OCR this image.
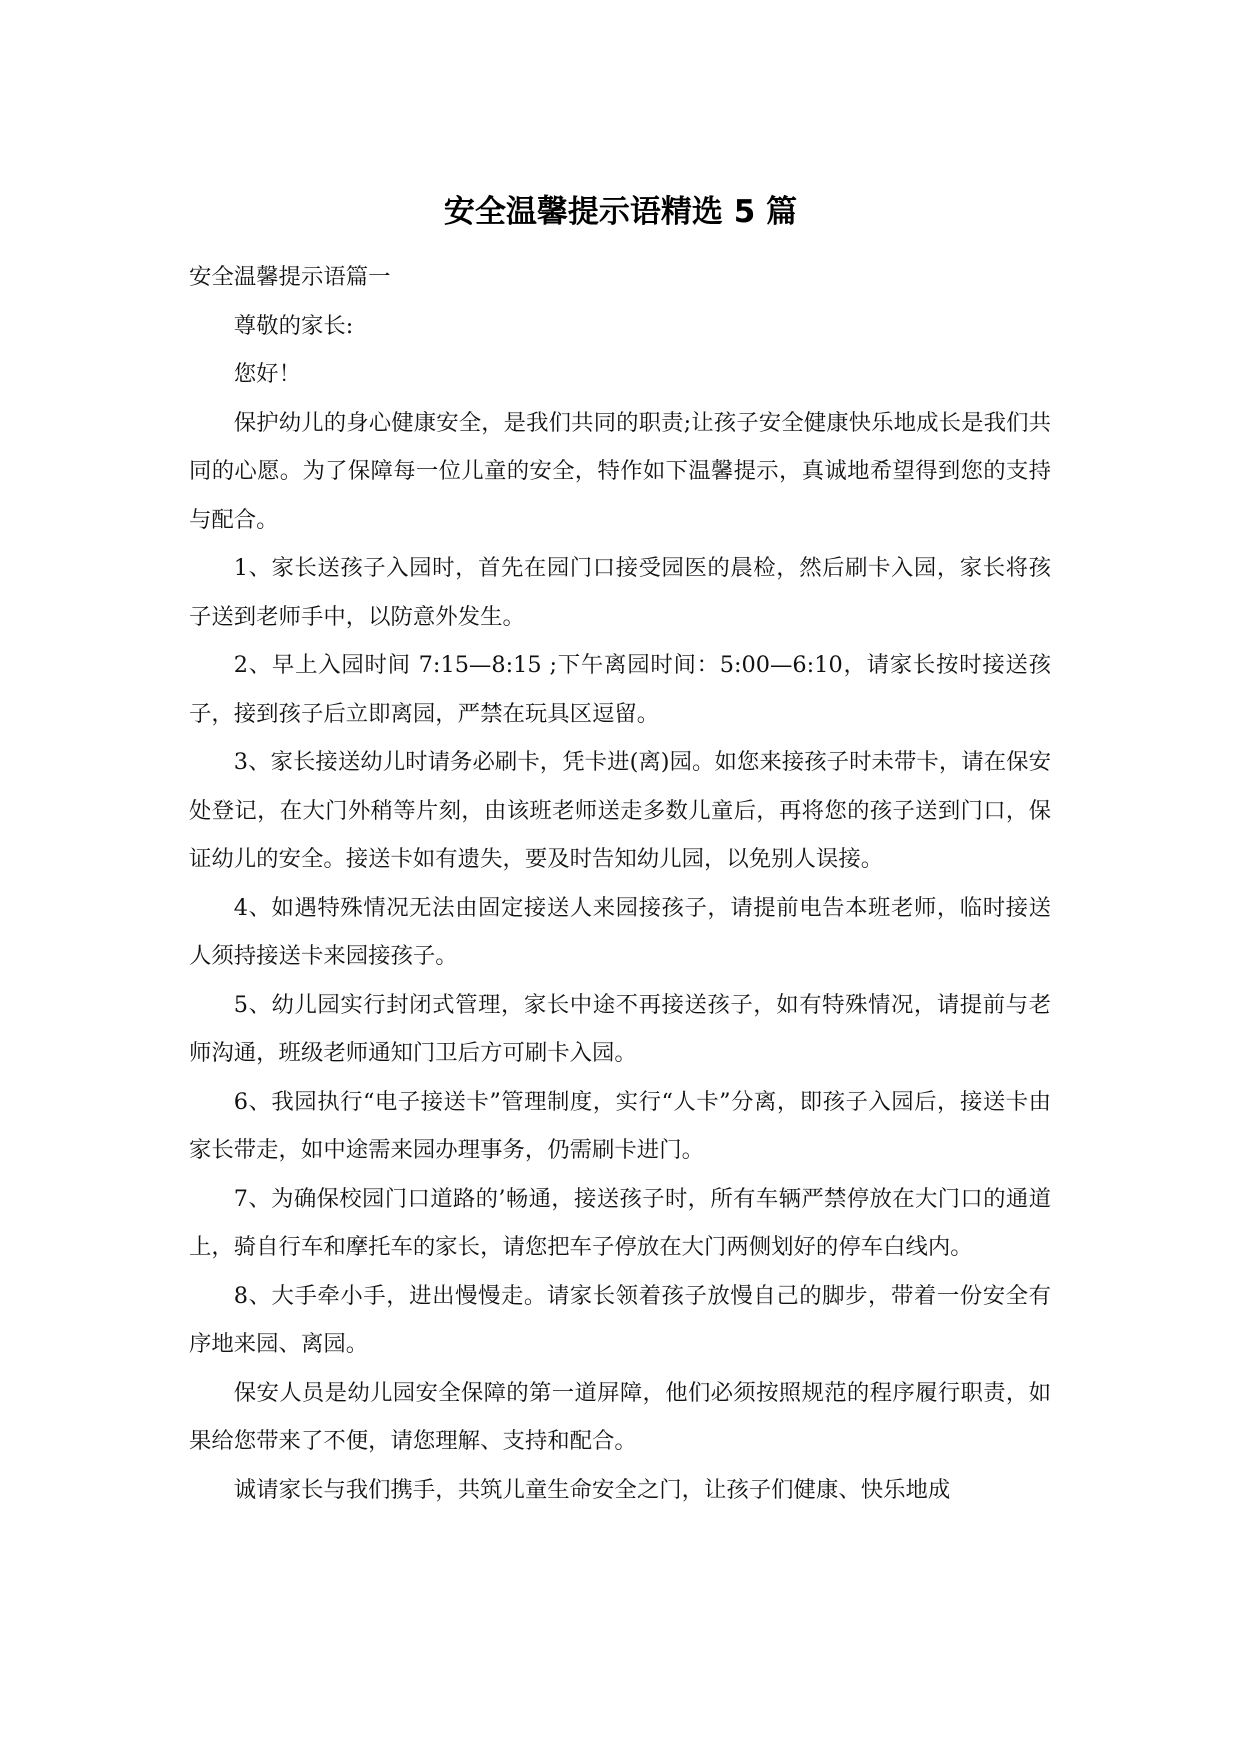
安全温馨提示语精选 5 篇

安全温馨提示语篇一

尊敬的家长:

您好！

保护幼儿的身心健康安全，是我们共同的职责;让孩子安全健康快乐地成长是我们共同的心愿。为了保障每一位儿童的安全，特作如下温馨提示，真诚地希望得到您的支持与配合。

1、家长送孩子入园时，首先在园门口接受园医的晨检，然后刷卡入园，家长将孩子送到老师手中，以防意外发生。

2、早上入园时间 7:15—8:15 ;下午离园时间：5:00—6:10，请家长按时接送孩子，接到孩子后立即离园，严禁在玩具区逗留。

3、家长接送幼儿时请务必刷卡，凭卡进(离)园。如您来接孩子时未带卡，请在保安处登记，在大门外稍等片刻，由该班老师送走多数儿童后，再将您的孩子送到门口，保证幼儿的安全。接送卡如有遗失，要及时告知幼儿园，以免别人误接。

4、如遇特殊情况无法由固定接送人来园接孩子，请提前电告本班老师，临时接送人须持接送卡来园接孩子。

5、幼儿园实行封闭式管理，家长中途不再接送孩子，如有特殊情况，请提前与老师沟通，班级老师通知门卫后方可刷卡入园。

6、我园执行“电子接送卡”管理制度，实行“人卡”分离，即孩子入园后，接送卡由家长带走，如中途需来园办理事务，仍需刷卡进门。

7、为确保校园门口道路的’畅通，接送孩子时，所有车辆严禁停放在大门口的通道上，骑自行车和摩托车的家长，请您把车子停放在大门两侧划好的停车白线内。

8、大手牵小手，进出慢慢走。请家长领着孩子放慢自己的脚步，带着一份安全有序地来园、离园。

保安人员是幼儿园安全保障的第一道屏障，他们必须按照规范的程序履行职责，如果给您带来了不便，请您理解、支持和配合。

诚请家长与我们携手，共筑儿童生命安全之门，让孩子们健康、快乐地成
